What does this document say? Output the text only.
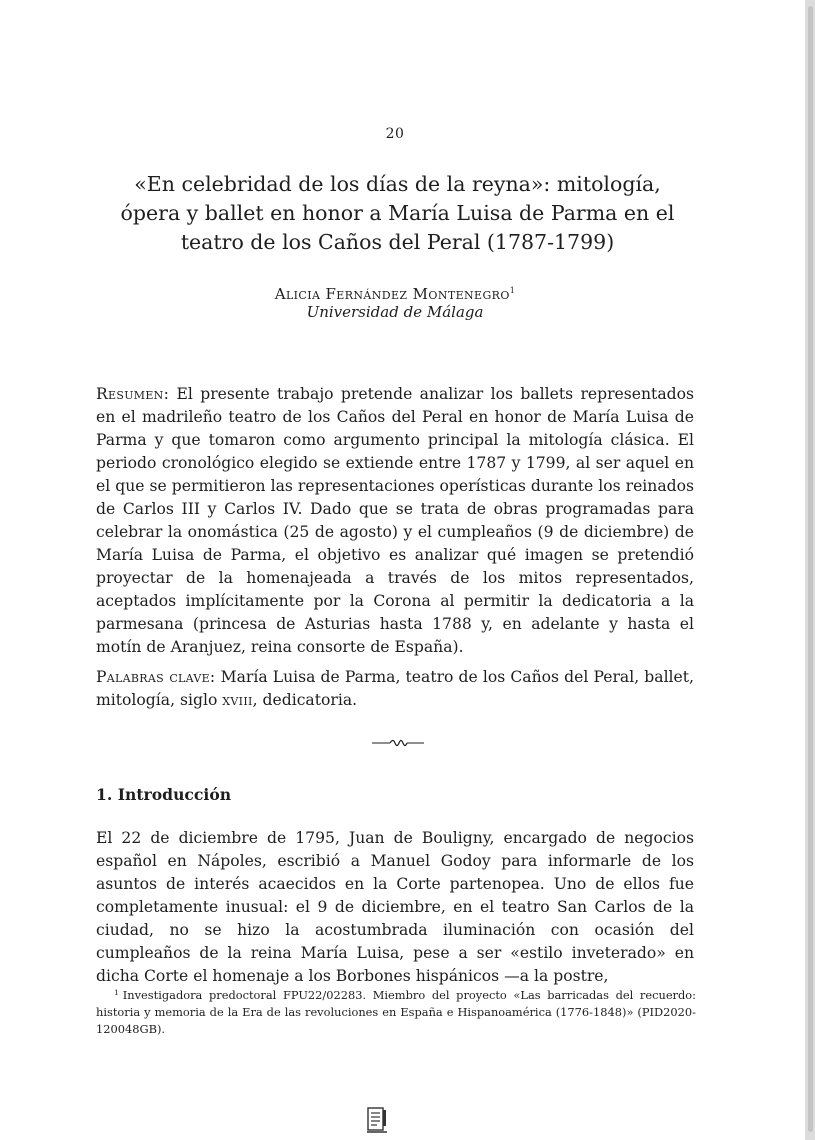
20
«En celebridad de los días de la reyna»: mitología, ópera y ballet en honor a María Luisa de Parma en el teatro de los Caños del Peral (1787-1799)
Alicia Fernández Montenegro$^1$
Universidad de Málaga
Resumen: El presente trabajo pretende analizar los ballets representados en el madrileño teatro de los Caños del Peral en honor de María Luisa de Parma y que tomaron como argumento principal la mitología clásica. El periodo cronológico elegido se extiende entre 1787 y 1799, al ser aquel en el que se permitieron las representaciones operísticas durante los reinados de Carlos III y Carlos IV. Dado que se trata de obras programadas para celebrar la onomástica (25 de agosto) y el cumpleaños (9 de diciembre) de María Luisa de Parma, el objetivo es analizar qué imagen se pretendió proyectar de la homenajeada a través de los mitos representados, aceptados implícitamente por la Corona al permitir la dedicatoria a la parmesana (princesa de Asturias hasta 1788 y, en adelante y hasta el motín de Aranjuez, reina consorte de España).
Palabras clave: María Luisa de Parma, teatro de los Caños del Peral, ballet, mitología, siglo xviii, dedicatoria.
1. Introducción
El 22 de diciembre de 1795, Juan de Bouligny, encargado de negocios español en Nápoles, escribió a Manuel Godoy para informarle de los asuntos de interés acaecidos en la Corte partenopea. Uno de ellos fue completamente inusual: el 9 de diciembre, en el teatro San Carlos de la ciudad, no se hizo la acostumbrada iluminación con ocasión del cumpleaños de la reina María Luisa, pese a ser «estilo inveterado» en dicha Corte el homenaje a los Borbones hispánicos —a la postre,
$^1$ Investigadora predoctoral FPU22/02283. Miembro del proyecto «Las barricadas del recuerdo: historia y memoria de la Era de las revoluciones en España e Hispanoamérica (1776-1848)» (PID2020-120048GB).
